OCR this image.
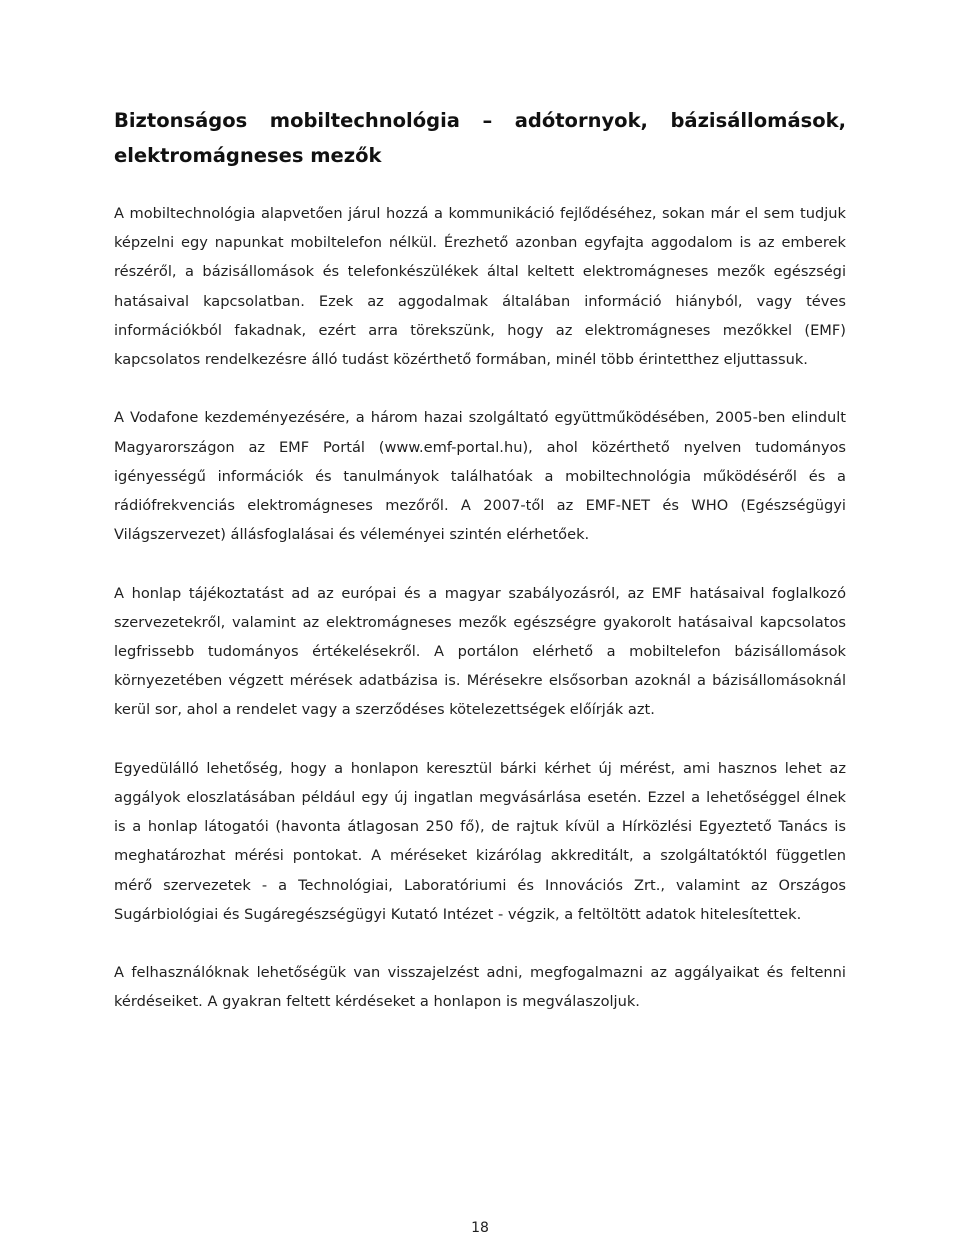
Biztonságos mobiltechnológia – adótornyok, bázisállomások, elektromágneses mezők

A mobiltechnológia alapvetően járul hozzá a kommunikáció fejlődéséhez, sokan már el sem tudjuk képzelni egy napunkat mobiltelefon nélkül. Érezhető azonban egyfajta aggodalom is az emberek részéről, a bázisállomások és telefonkészülékek által keltett elektromágneses mezők egészségi hatásaival kapcsolatban. Ezek az aggodalmak általában információ hiányból, vagy téves információkból fakadnak, ezért arra törekszünk, hogy az elektromágneses mezőkkel (EMF) kapcsolatos rendelkezésre álló tudást közérthető formában, minél több érintetthez eljuttassuk.

A Vodafone kezdeményezésére, a három hazai szolgáltató együttműködésében, 2005-ben elindult Magyarországon az EMF Portál (www.emf-portal.hu), ahol közérthető nyelven tudományos igényességű információk és tanulmányok találhatóak a mobiltechnológia működéséről és a rádiófrekvenciás elektromágneses mezőről. A 2007-től az EMF-NET és WHO (Egészségügyi Világszervezet) állásfoglalásai és véleményei szintén elérhetőek.

A honlap tájékoztatást ad az európai és a magyar szabályozásról, az EMF hatásaival foglalkozó szervezetekről, valamint az elektromágneses mezők egészségre gyakorolt hatásaival kapcsolatos legfrissebb tudományos értékelésekről. A portálon elérhető a mobiltelefon bázisállomások környezetében végzett mérések adatbázisa is. Mérésekre elsősorban azoknál a bázisállomásoknál kerül sor, ahol a rendelet vagy a szerződéses kötelezettségek előírják azt.

Egyedülálló lehetőség, hogy a honlapon keresztül bárki kérhet új mérést, ami hasznos lehet az aggályok eloszlatásában például egy új ingatlan megvásárlása esetén. Ezzel a lehetőséggel élnek is a honlap látogatói (havonta átlagosan 250 fő), de rajtuk kívül a Hírközlési Egyeztető Tanács is meghatározhat mérési pontokat. A méréseket kizárólag akkreditált, a szolgáltatóktól független mérő szervezetek - a Technológiai, Laboratóriumi és Innovációs Zrt., valamint az Országos Sugárbiológiai és Sugáregészségügyi Kutató Intézet - végzik, a feltöltött adatok hitelesítettek.

A felhasználóknak lehetőségük van visszajelzést adni, megfogalmazni az aggályaikat és feltenni kérdéseiket. A gyakran feltett kérdéseket a honlapon is megválaszoljuk.

18
